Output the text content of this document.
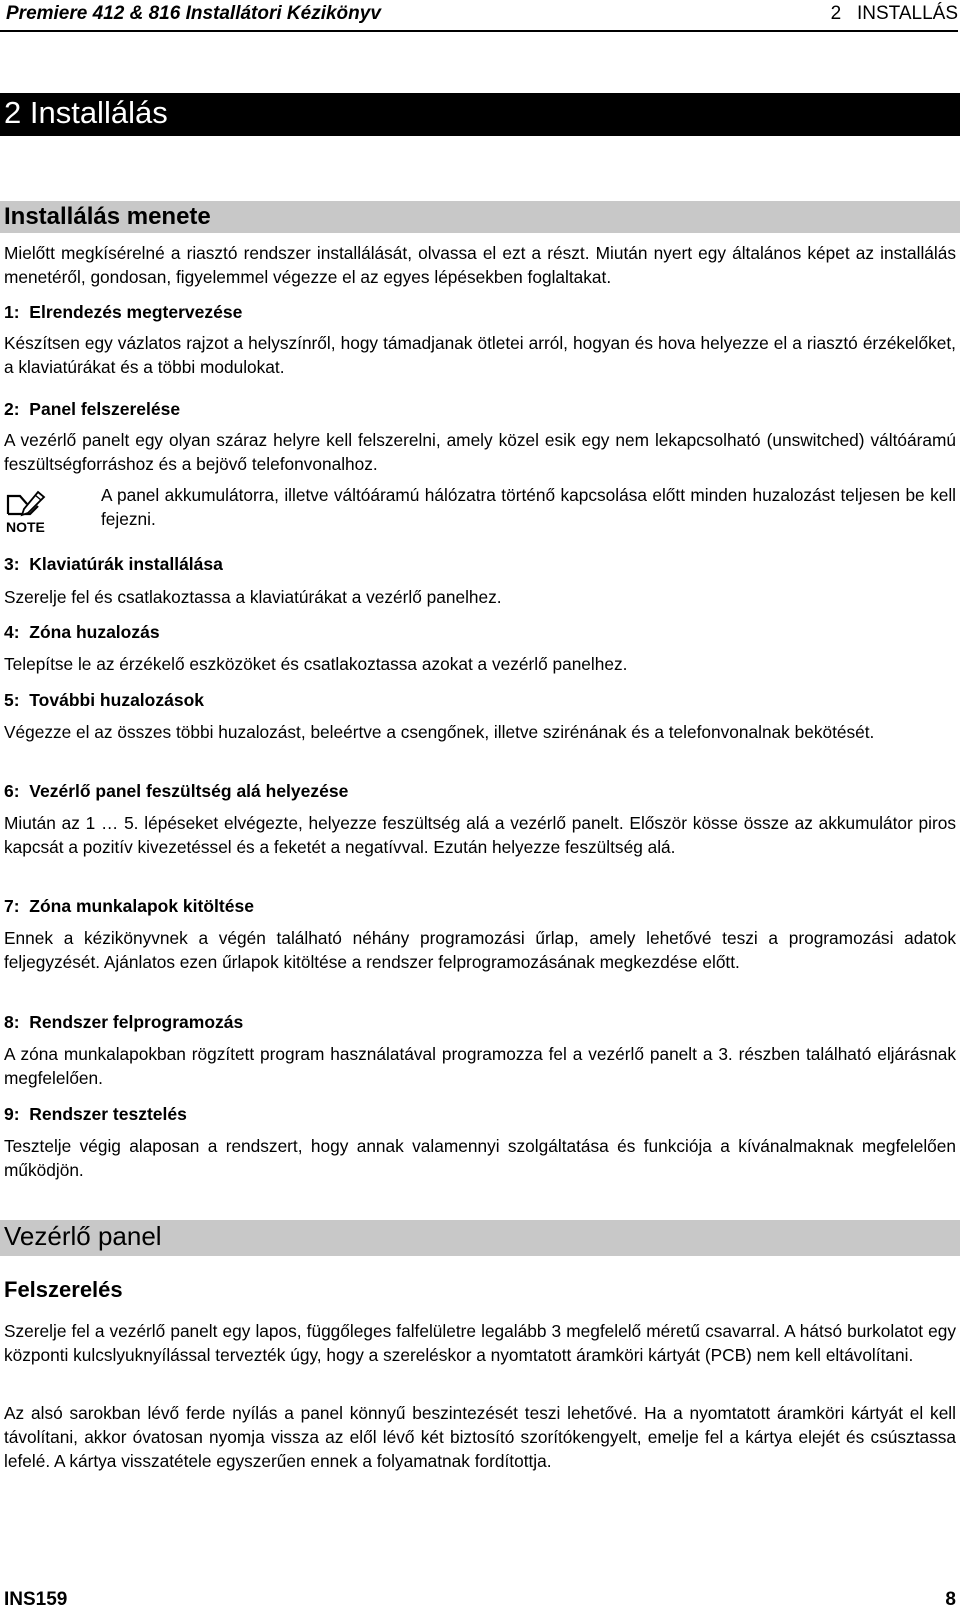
Premiere 412 & 816 Installátori Kézikönyv	2   INSTALLÁS
2 Installálás
Installálás menete
Mielőtt megkísérelné a riasztó rendszer installálását, olvassa el ezt a részt. Miután nyert egy általános képet az installálás menetéről, gondosan, figyelemmel végezze el az egyes lépésekben foglaltakat.
1:  Elrendezés megtervezése
Készítsen egy vázlatos rajzot a helyszínről, hogy támadjanak ötletei arról, hogyan és hova helyezze el a riasztó érzékelőket, a klaviatúrákat és a többi modulokat.
2:  Panel felszerelése
A vezérlő panelt egy olyan száraz helyre kell felszerelni, amely közel esik egy nem lekapcsolható (unswitched) váltóáramú feszültségforráshoz és a bejövő telefonvonalhoz.
NOTE
A panel akkumulátorra, illetve váltóáramú hálózatra történő kapcsolása előtt minden huzalozást teljesen be kell fejezni.
3:  Klaviatúrák installálása
Szerelje fel és csatlakoztassa a klaviatúrákat a vezérlő panelhez.
4:  Zóna huzalozás
Telepítse le az érzékelő eszközöket és csatlakoztassa azokat a vezérlő panelhez.
5:  További huzalozások
Végezze el az összes többi huzalozást, beleértve a csengőnek, illetve szirénának és a telefonvonalnak bekötését.
6:  Vezérlő panel feszültség alá helyezése
Miután az 1 … 5. lépéseket elvégezte, helyezze feszültség alá a vezérlő panelt. Először kösse össze az akkumulátor piros kapcsát a pozitív kivezetéssel és a feketét a negatívval. Ezután helyezze feszültség alá.
7:  Zóna munkalapok kitöltése
Ennek a kézikönyvnek a végén található néhány programozási űrlap, amely lehetővé teszi a programozási adatok feljegyzését. Ajánlatos ezen űrlapok kitöltése a rendszer felprogramozásának megkezdése előtt.
8:  Rendszer felprogramozás
A zóna munkalapokban rögzített program használatával programozza fel a vezérlő panelt a 3. részben található eljárásnak megfelelően.
9:  Rendszer tesztelés
Tesztelje végig alaposan a rendszert, hogy annak valamennyi szolgáltatása és funkciója a kívánalmaknak megfelelően működjön.
Vezérlő panel
Felszerelés
Szerelje fel a vezérlő panelt egy lapos, függőleges falfelületre legalább 3 megfelelő méretű csavarral. A hátsó burkolatot egy központi kulcslyuknyílással tervezték úgy, hogy a szereléskor a nyomtatott áramköri kártyát (PCB) nem kell eltávolítani.
Az alsó sarokban lévő ferde nyílás a panel könnyű beszintezését teszi lehetővé. Ha a nyomtatott áramköri kártyát el kell távolítani, akkor óvatosan nyomja vissza az elől lévő két biztosító szorítókengyelt, emelje fel a kártya elejét és csúsztassa lefelé. A kártya visszatétele egyszerűen ennek a folyamatnak fordítottja.
INS159	8
